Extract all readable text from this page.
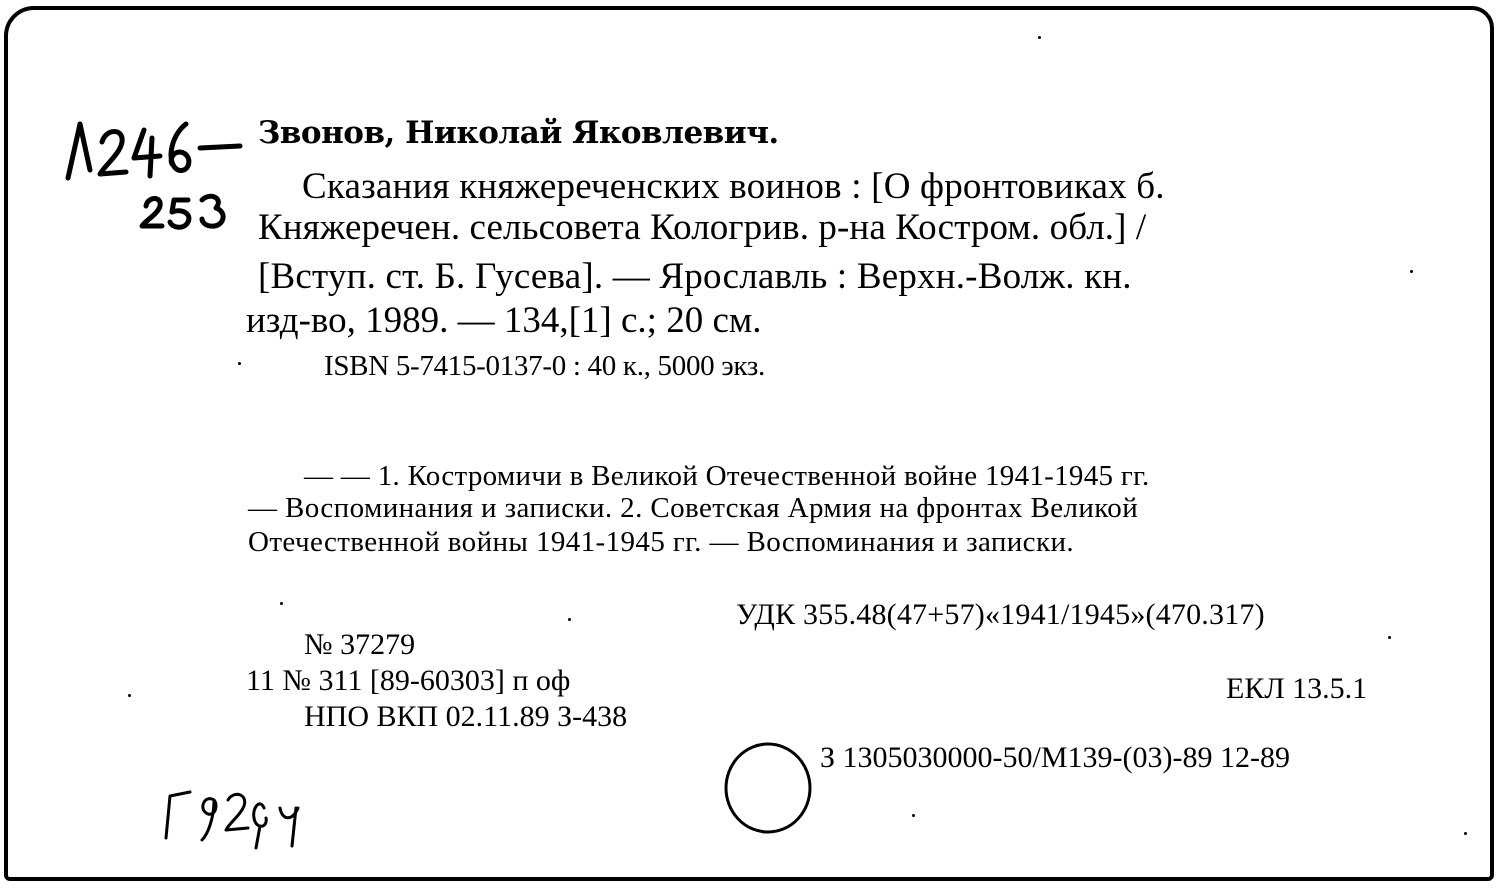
Звонов, Николай Яковлевич.
Сказания княжереченских воинов : [О фронтовиках б.
Княжеречен. сельсовета Кологрив. р-на Костром. обл.] /
[Вступ. ст. Б. Гусева]. — Ярославль : Верхн.-Волж. кн.
изд-во, 1989. — 134,[1] с.; 20 см.
ISBN 5-7415-0137-0 : 40 к., 5000 экз.
— — 1. Костромичи в Великой Отечественной войне 1941-1945 гг.
— Воспоминания и записки. 2. Советская Армия на фронтах Великой
Отечественной войны 1941-1945 гг. — Воспоминания и записки.
УДК 355.48(47+57)«1941/1945»(470.317)
№ 37279
11 № 311 [89-60303] п оф	ЕКЛ 13.5.1
НПО ВКП 02.11.89 З-438
З 1305030000-50/М139-(03)-89 12-89
